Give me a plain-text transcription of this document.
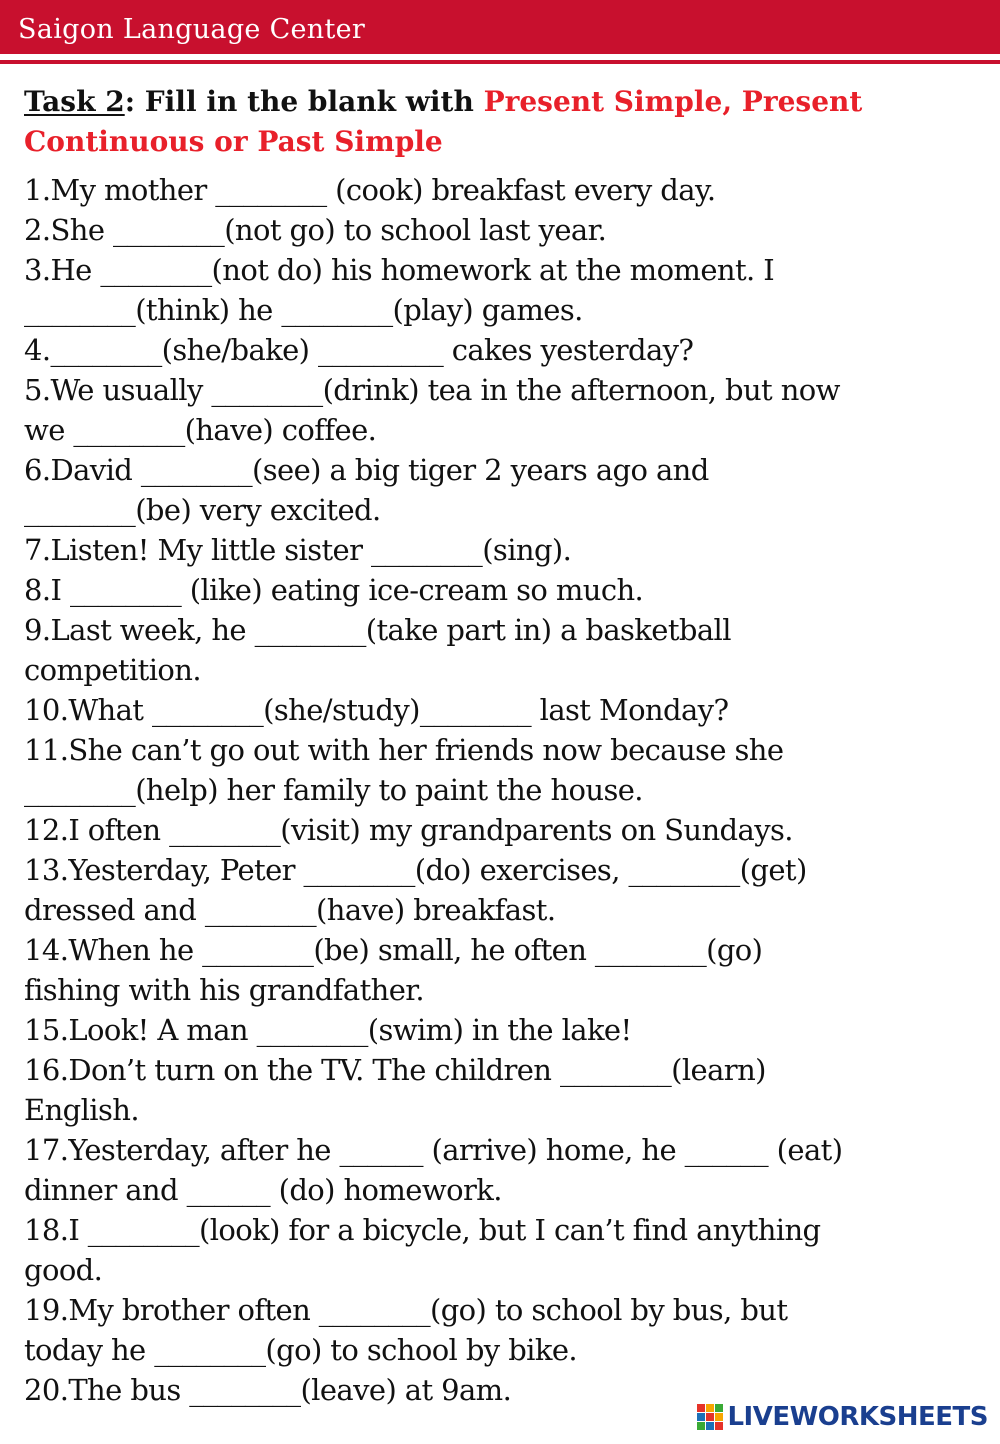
Saigon Language Center
Task 2: Fill in the blank with Present Simple, Present Continuous or Past Simple
1.My mother ________ (cook) breakfast every day.
2.She ________(not go) to school last year.
3.He ________(not do) his homework at the moment. I
________(think) he ________(play) games.
4.________(she/bake) _________ cakes yesterday?
5.We usually ________(drink) tea in the afternoon, but now
we ________(have) coffee.
6.David ________(see) a big tiger 2 years ago and
________(be) very excited.
7.Listen! My little sister ________(sing).
8.I ________ (like) eating ice-cream so much.
9.Last week, he ________(take part in) a basketball
competition.
10.What ________(she/study)________ last Monday?
11.She can’t go out with her friends now because she
________(help) her family to paint the house.
12.I often ________(visit) my grandparents on Sundays.
13.Yesterday, Peter ________(do) exercises, ________(get)
dressed and ________(have) breakfast.
14.When he ________(be) small, he often ________(go)
fishing with his grandfather.
15.Look! A man ________(swim) in the lake!
16.Don’t turn on the TV. The children ________(learn)
English.
17.Yesterday, after he ______ (arrive) home, he ______ (eat)
dinner and ______ (do) homework.
18.I ________(look) for a bicycle, but I can’t find anything
good.
19.My brother often ________(go) to school by bus, but
today he ________(go) to school by bike.
20.The bus ________(leave) at 9am.
LIVEWORKSHEETS
